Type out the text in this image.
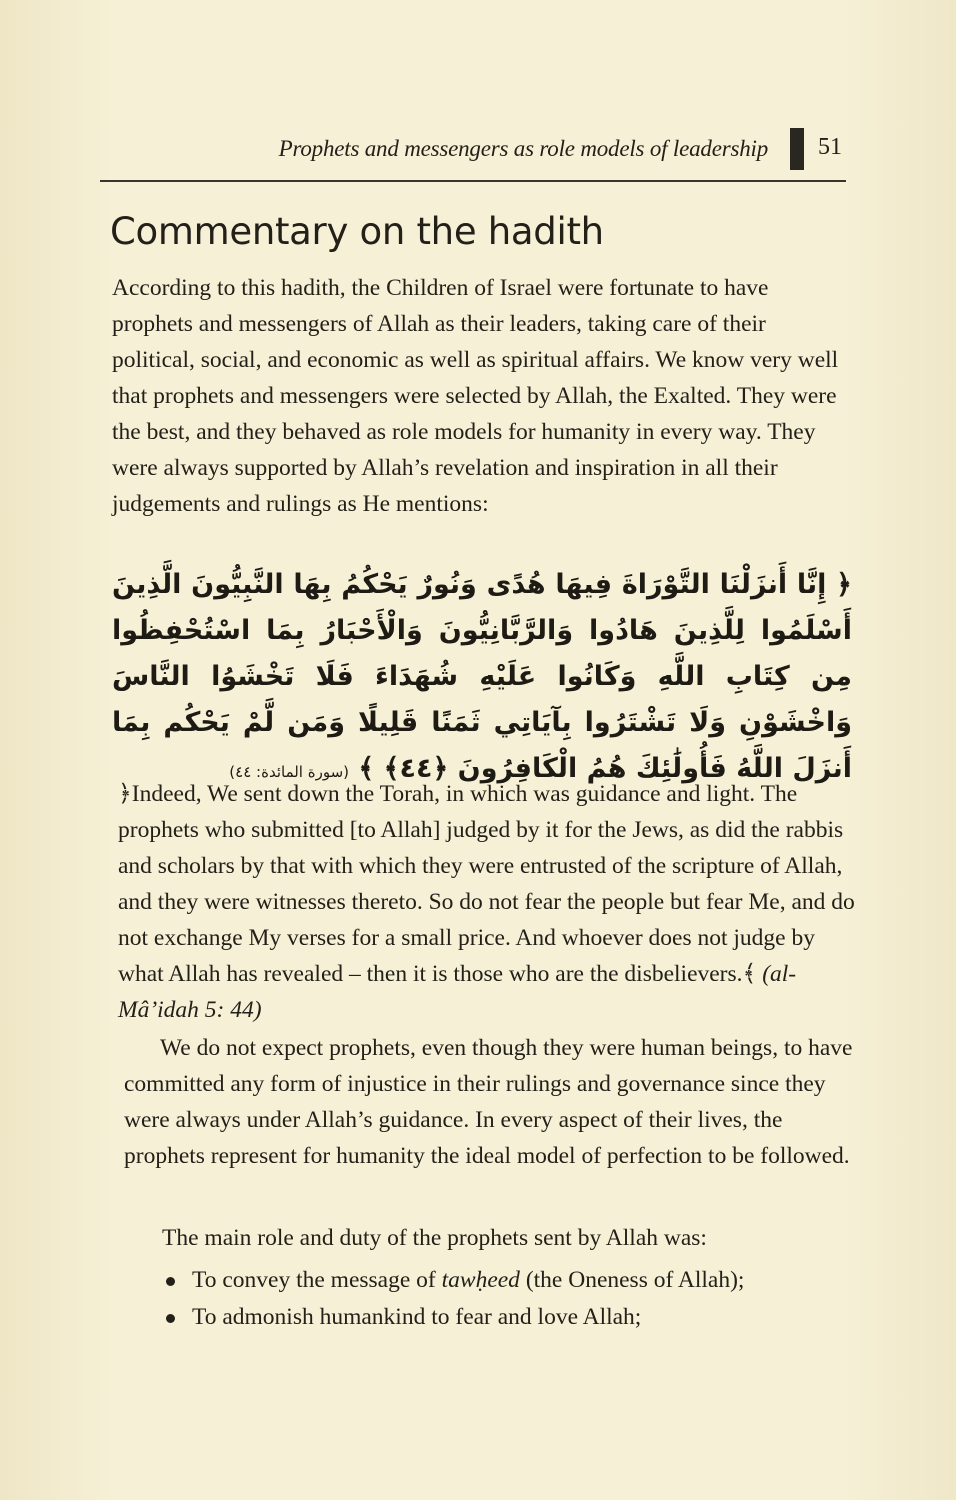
Prophets and messengers as role models of leadership 51
Commentary on the hadith

According to this hadith, the Children of Israel were fortunate to have prophets and messengers of Allah as their leaders, taking care of their political, social, and economic as well as spiritual affairs. We know very well that prophets and messengers were selected by Allah, the Exalted. They were the best, and they behaved as role models for humanity in every way. They were always supported by Allah’s revelation and inspiration in all their judgements and rulings as He mentions:

﴿ إِنَّا أَنزَلْنَا التَّوْرَاةَ فِيهَا هُدًى وَنُورٌ يَحْكُمُ بِهَا النَّبِيُّونَ الَّذِينَ أَسْلَمُوا لِلَّذِينَ هَادُوا وَالرَّبَّانِيُّونَ وَالْأَحْبَارُ بِمَا اسْتُحْفِظُوا مِن كِتَابِ اللَّهِ وَكَانُوا عَلَيْهِ شُهَدَاءَ فَلَا تَخْشَوُا النَّاسَ وَاخْشَوْنِ وَلَا تَشْتَرُوا بِآيَاتِي ثَمَنًا قَلِيلًا وَمَن لَّمْ يَحْكُم بِمَا أَنزَلَ اللَّهُ فَأُولَٰئِكَ هُمُ الْكَافِرُونَ ﴿٤٤﴾ ﴾ (سورة المائدة: ٤٤)

﴿Indeed, We sent down the Torah, in which was guidance and light. The prophets who submitted [to Allah] judged by it for the Jews, as did the rabbis and scholars by that with which they were entrusted of the scripture of Allah, and they were witnesses thereto. So do not fear the people but fear Me, and do not exchange My verses for a small price. And whoever does not judge by what Allah has revealed – then it is those who are the disbelievers.﴾ (al-Mâ’idah 5: 44)

We do not expect prophets, even though they were human beings, to have committed any form of injustice in their rulings and governance since they were always under Allah’s guidance. In every aspect of their lives, the prophets represent for humanity the ideal model of perfection to be followed.

The main role and duty of the prophets sent by Allah was:

To convey the message of tawḥeed (the Oneness of Allah);
To admonish humankind to fear and love Allah;
